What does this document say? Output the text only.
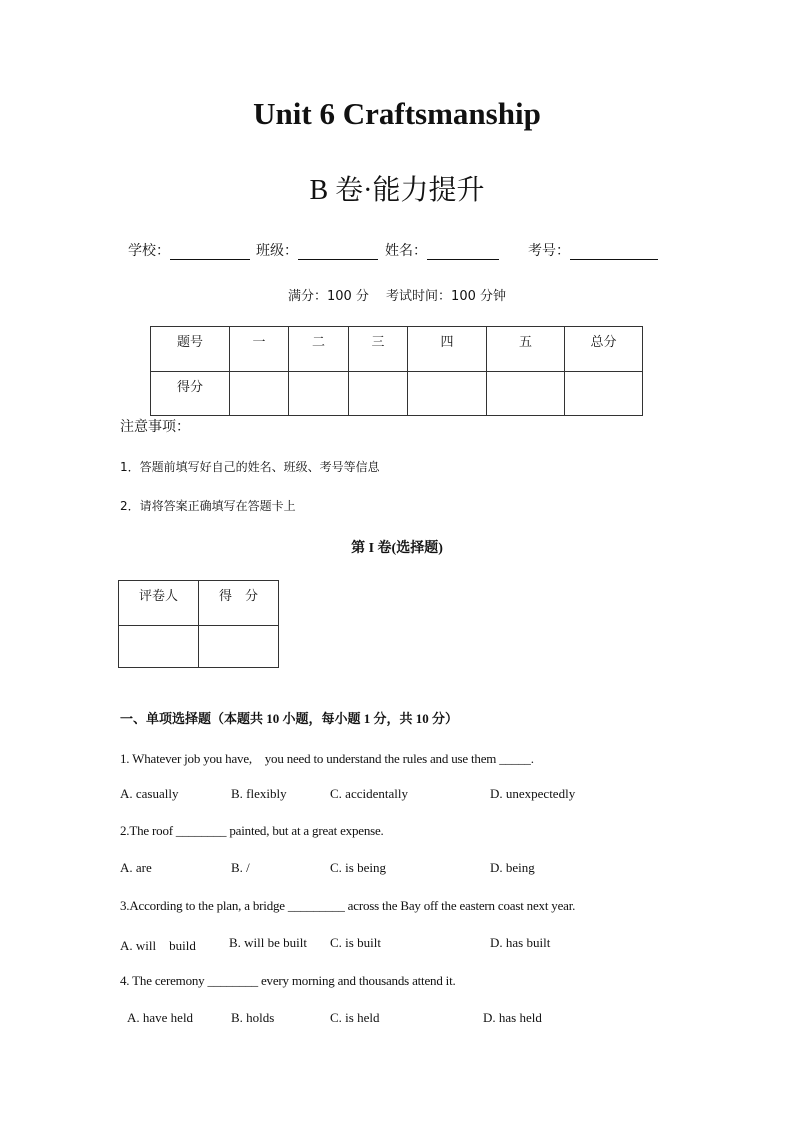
Unit 6 Craftsmanship
B 卷·能力提升
学校：	班级：	姓名：	考号：
满分：100 分　 考试时间：100 分钟
题号	一	二	三	四	五	总分
得分						
注意事项：
1．答题前填写好自己的姓名、班级、考号等信息
2．请将答案正确填写在答题卡上
第 I 卷(选择题)
评卷人	得　分

一、单项选择题（本题共 10 小题，每小题 1 分，共 10 分）
1. Whatever job you have,　you need to understand the rules and use them _____.
A. casually	B. flexibly	C. accidentally	D. unexpectedly
2.The roof ________ painted, but at a great expense.
A. are	B. /	C. is being	D. being
3.According to the plan, a bridge _________ across the Bay off the eastern coast next year.
A. will　build	B. will be built C. is built	D. has built
4. The ceremony ________ every morning and thousands attend it.
A. have held	B. holds	C. is held	D. has held
